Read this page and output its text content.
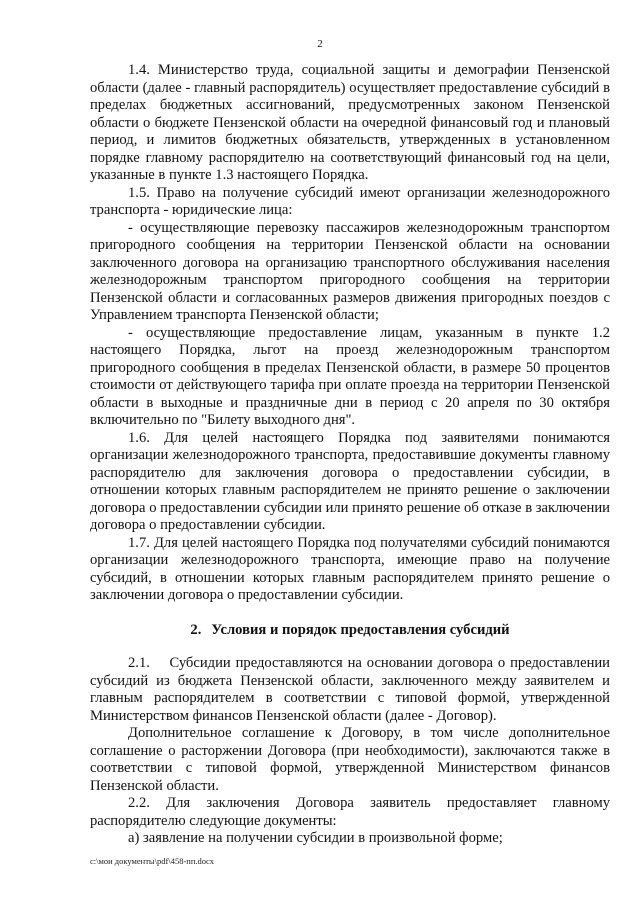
2

1.4. Министерство труда, социальной защиты и демографии Пензенской области (далее - главный распорядитель) осуществляет предоставление субсидий в пределах бюджетных ассигнований, предусмотренных законом Пензенской области о бюджете Пензенской области на очередной финансовый год и плановый период, и лимитов бюджетных обязательств, утвержденных в установленном порядке главному распорядителю на соответствующий финансовый год на цели, указанные в пункте 1.3 настоящего Порядка.

1.5. Право на получение субсидий имеют организации железнодорожного транспорта - юридические лица:

- осуществляющие перевозку пассажиров железнодорожным транспортом пригородного сообщения на территории Пензенской области на основании заключенного договора на организацию транспортного обслуживания населения железнодорожным транспортом пригородного сообщения на территории Пензенской области и согласованных размеров движения пригородных поездов с Управлением транспорта Пензенской области;

- осуществляющие предоставление лицам, указанным в пункте 1.2 настоящего Порядка, льгот на проезд железнодорожным транспортом пригородного сообщения в пределах Пензенской области, в размере 50 процентов стоимости от действующего тарифа при оплате проезда на территории Пензенской области в выходные и праздничные дни в период с 20 апреля по 30 октября включительно по "Билету выходного дня".

1.6. Для целей настоящего Порядка под заявителями понимаются организации железнодорожного транспорта, предоставившие документы главному распорядителю для заключения договора о предоставлении субсидии, в отношении которых главным распорядителем не принято решение о заключении договора о предоставлении субсидии или принято решение об отказе в заключении договора о предоставлении субсидии.

1.7. Для целей настоящего Порядка под получателями субсидий понимаются организации железнодорожного транспорта, имеющие право на получение субсидий, в отношении которых главным распорядителем принято решение о заключении договора о предоставлении субсидии.

2. Условия и порядок предоставления субсидий

2.1.    Субсидии предоставляются на основании договора о предоставлении субсидий из бюджета Пензенской области, заключенного между заявителем и главным распорядителем в соответствии с типовой формой, утвержденной Министерством финансов Пензенской области (далее - Договор).

Дополнительное соглашение к Договору, в том числе дополнительное соглашение о расторжении Договора (при необходимости), заключаются также в соответствии с типовой формой, утвержденной Министерством финансов Пензенской области.

2.2. Для заключения Договора заявитель предоставляет главному распорядителю следующие документы:

а) заявление на получении субсидии в произвольной форме;

c:\мои документы\pdf\458-пп.docx
